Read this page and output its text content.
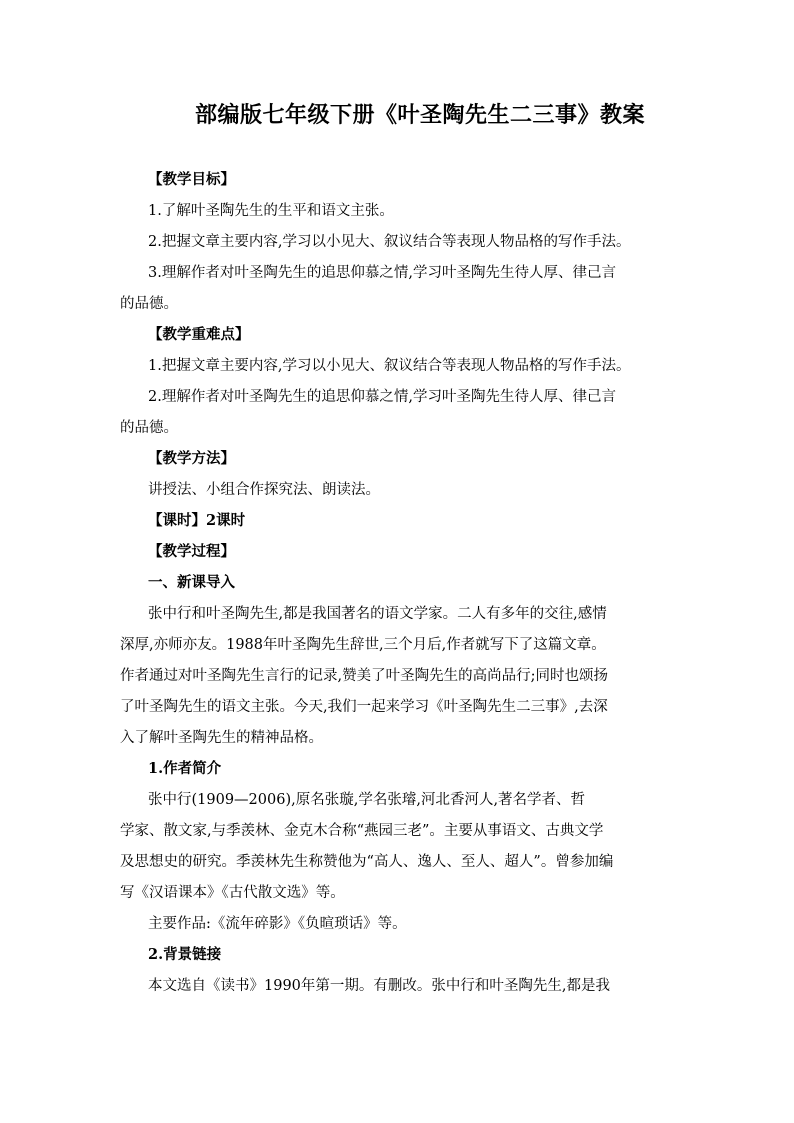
部编版七年级下册《叶圣陶先生二三事》教案
【教学目标】
1.了解叶圣陶先生的生平和语文主张。
2.把握文章主要内容,学习以小见大、叙议结合等表现人物品格的写作手法。
3.理解作者对叶圣陶先生的追思仰慕之情,学习叶圣陶先生待人厚、律己言
的品德。
【教学重难点】
1.把握文章主要内容,学习以小见大、叙议结合等表现人物品格的写作手法。
2.理解作者对叶圣陶先生的追思仰慕之情,学习叶圣陶先生待人厚、律己言
的品德。
【教学方法】
讲授法、小组合作探究法、朗读法。
【课时】2课时
【教学过程】
一、新课导入
张中行和叶圣陶先生,都是我国著名的语文学家。二人有多年的交往,感情
深厚,亦师亦友。1988年叶圣陶先生辞世,三个月后,作者就写下了这篇文章。
作者通过对叶圣陶先生言行的记录,赞美了叶圣陶先生的高尚品行;同时也颂扬
了叶圣陶先生的语文主张。今天,我们一起来学习《叶圣陶先生二三事》,去深
入了解叶圣陶先生的精神品格。
1.作者简介
张中行(1909—2006),原名张璇,学名张璿,河北香河人,著名学者、哲
学家、散文家,与季羡林、金克木合称“燕园三老”。主要从事语文、古典文学
及思想史的研究。季羡林先生称赞他为“高人、逸人、至人、超人”。曾参加编
写《汉语课本》《古代散文选》等。
主要作品:《流年碎影》《负暄琐话》等。
2.背景链接
本文选自《读书》1990年第一期。有删改。张中行和叶圣陶先生,都是我
